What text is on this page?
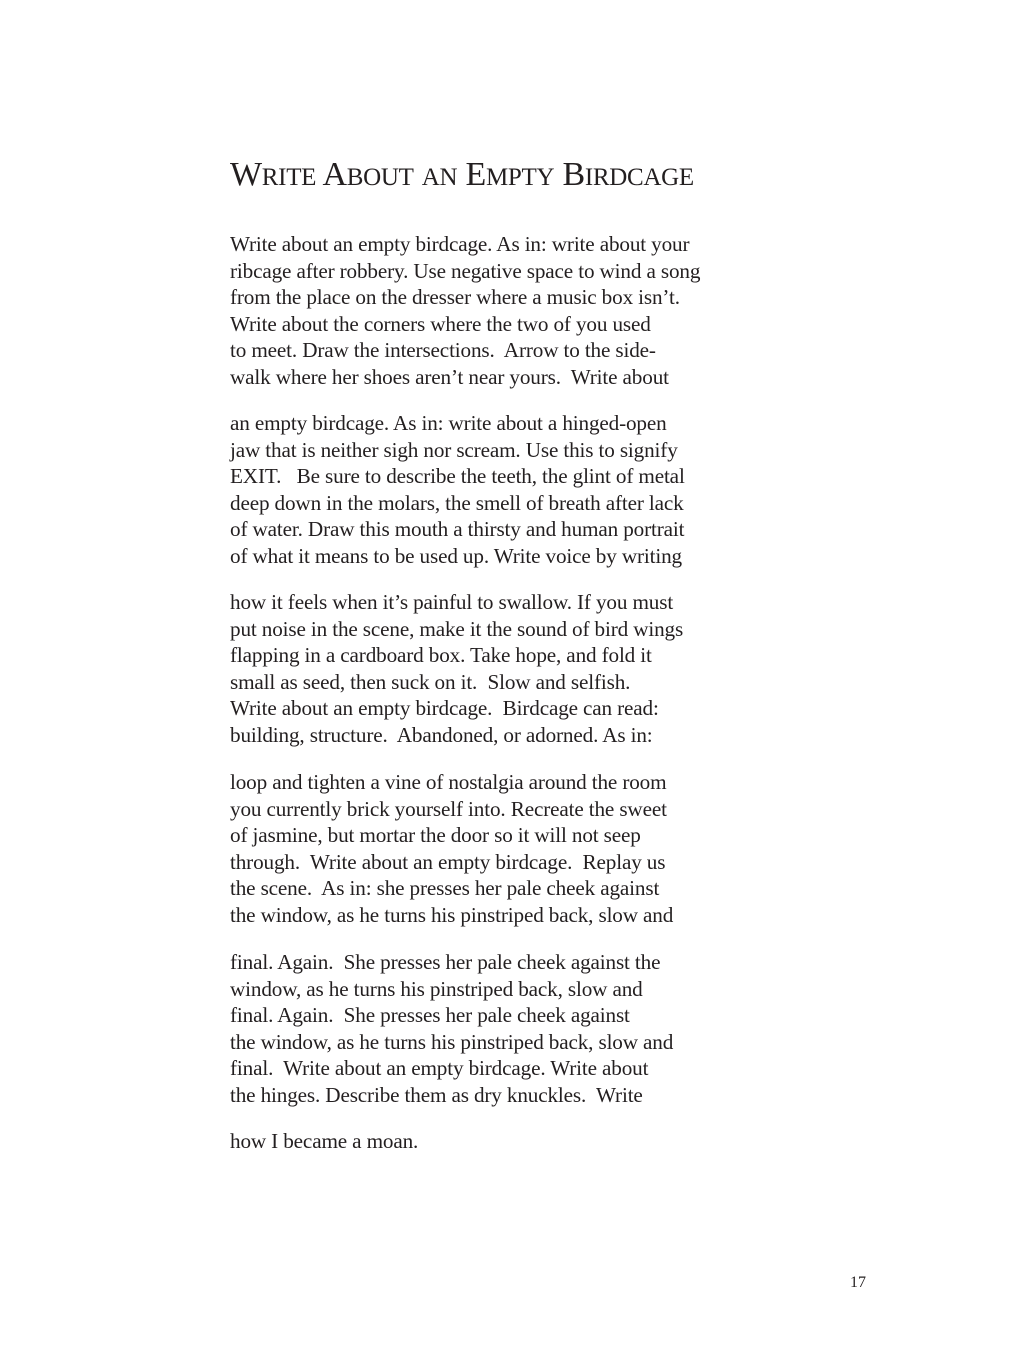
WRITE ABOUT AN EMPTY BIRDCAGE
Write about an empty birdcage. As in: write about your
ribcage after robbery. Use negative space to wind a song
from the place on the dresser where a music box isn’t.
Write about the corners where the two of you used
to meet. Draw the intersections.  Arrow to the side-
walk where her shoes aren’t near yours.  Write about
an empty birdcage. As in: write about a hinged-open
jaw that is neither sigh nor scream. Use this to signify
EXIT.   Be sure to describe the teeth, the glint of metal
deep down in the molars, the smell of breath after lack
of water. Draw this mouth a thirsty and human portrait
of what it means to be used up. Write voice by writing
how it feels when it’s painful to swallow. If you must
put noise in the scene, make it the sound of bird wings
flapping in a cardboard box. Take hope, and fold it
small as seed, then suck on it.  Slow and selfish.
Write about an empty birdcage.  Birdcage can read:
building, structure.  Abandoned, or adorned. As in:
loop and tighten a vine of nostalgia around the room
you currently brick yourself into. Recreate the sweet
of jasmine, but mortar the door so it will not seep
through.  Write about an empty birdcage.  Replay us
the scene.  As in: she presses her pale cheek against
the window, as he turns his pinstriped back, slow and
final. Again.  She presses her pale cheek against the
window, as he turns his pinstriped back, slow and
final. Again.  She presses her pale cheek against
the window, as he turns his pinstriped back, slow and
final.  Write about an empty birdcage. Write about
the hinges. Describe them as dry knuckles.  Write
how I became a moan.
17
